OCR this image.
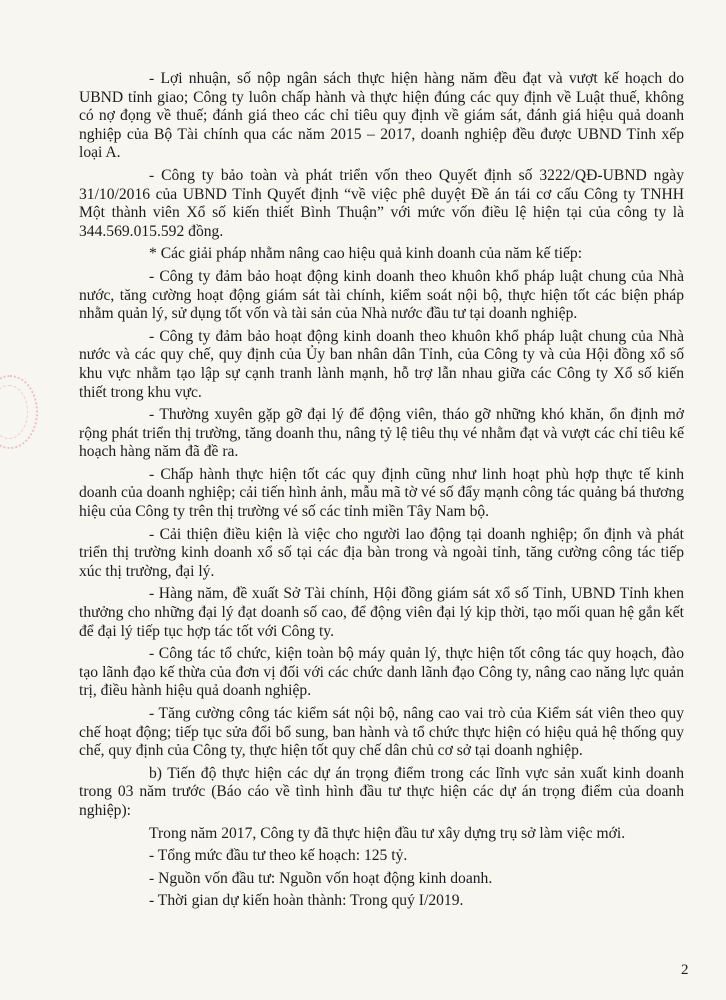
- Lợi nhuận, số nộp ngân sách thực hiện hàng năm đều đạt và vượt kế hoạch do UBND tỉnh giao; Công ty luôn chấp hành và thực hiện đúng các quy định về Luật thuế, không có nợ đọng về thuế; đánh giá theo các chỉ tiêu quy định về giám sát, đánh giá hiệu quả doanh nghiệp của Bộ Tài chính qua các năm 2015 – 2017, doanh nghiệp đều được UBND Tỉnh xếp loại A.

- Công ty bảo toàn và phát triển vốn theo Quyết định số 3222/QĐ-UBND ngày 31/10/2016 của UBND Tỉnh Quyết định “về việc phê duyệt Đề án tái cơ cấu Công ty TNHH Một thành viên Xổ số kiến thiết Bình Thuận” với mức vốn điều lệ hiện tại của công ty là 344.569.015.592 đồng.

* Các giải pháp nhằm nâng cao hiệu quả kinh doanh của năm kế tiếp:

- Công ty đảm bảo hoạt động kinh doanh theo khuôn khổ pháp luật chung của Nhà nước, tăng cường hoạt động giám sát tài chính, kiểm soát nội bộ, thực hiện tốt các biện pháp nhằm quản lý, sử dụng tốt vốn và tài sản của Nhà nước đầu tư tại doanh nghiệp.

- Công ty đảm bảo hoạt động kinh doanh theo khuôn khổ pháp luật chung của Nhà nước và các quy chế, quy định của Ủy ban nhân dân Tỉnh, của Công ty và của Hội đồng xổ số khu vực nhằm tạo lập sự cạnh tranh lành mạnh, hỗ trợ lẫn nhau giữa các Công ty Xổ số kiến thiết trong khu vực.

- Thường xuyên gặp gỡ đại lý để động viên, tháo gỡ những khó khăn, ổn định mở rộng phát triển thị trường, tăng doanh thu, nâng tỷ lệ tiêu thụ vé nhằm đạt và vượt các chỉ tiêu kế hoạch hàng năm đã đề ra.

- Chấp hành thực hiện tốt các quy định cũng như linh hoạt phù hợp thực tế kinh doanh của doanh nghiệp; cải tiến hình ảnh, mẫu mã tờ vé số đẩy mạnh công tác quảng bá thương hiệu của Công ty trên thị trường vé số các tỉnh miền Tây Nam bộ.

- Cải thiện điều kiện là việc cho người lao động tại doanh nghiệp; ổn định và phát triển thị trường kinh doanh xổ số tại các địa bàn trong và ngoài tỉnh, tăng cường công tác tiếp xúc thị trường, đại lý.

- Hàng năm, đề xuất Sở Tài chính, Hội đồng giám sát xổ số Tỉnh, UBND Tỉnh khen thưởng cho những đại lý đạt doanh số cao, để động viên đại lý kịp thời, tạo mối quan hệ gắn kết để đại lý tiếp tục hợp tác tốt với Công ty.

- Công tác tổ chức, kiện toàn bộ máy quản lý, thực hiện tốt công tác quy hoạch, đào tạo lãnh đạo kế thừa của đơn vị đối với các chức danh lãnh đạo Công ty, nâng cao năng lực quản trị, điều hành hiệu quả doanh nghiệp.

- Tăng cường công tác kiểm sát nội bộ, nâng cao vai trò của Kiểm sát viên theo quy chế hoạt động; tiếp tục sửa đổi bổ sung, ban hành và tổ chức thực hiện có hiệu quả hệ thống quy chế, quy định của Công ty, thực hiện tốt quy chế dân chủ cơ sở tại doanh nghiệp.

b) Tiến độ thực hiện các dự án trọng điểm trong các lĩnh vực sản xuất kinh doanh trong 03 năm trước (Báo cáo về tình hình đầu tư thực hiện các dự án trọng điểm của doanh nghiệp):

Trong năm 2017, Công ty đã thực hiện đầu tư xây dựng trụ sở làm việc mới.

- Tổng mức đầu tư theo kế hoạch: 125 tỷ.

- Nguồn vốn đầu tư: Nguồn vốn hoạt động kinh doanh.

- Thời gian dự kiến hoàn thành: Trong quý I/2019.

2
